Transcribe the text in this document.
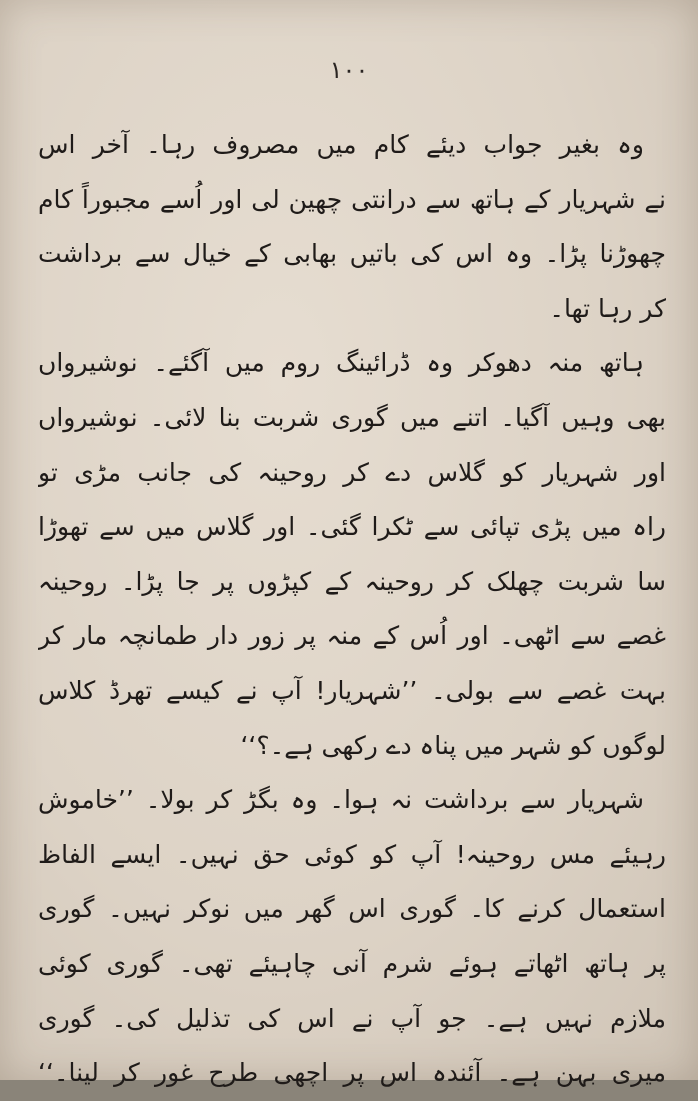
۱۰۰
وہ بغیر جواب دیئے کام میں مصروف رہا۔ آخر اس
نے شہریار کے ہاتھ سے درانتی چھین لی اور اُسے مجبوراً کام
چھوڑنا پڑا۔ وہ اس کی باتیں بھابی کے خیال سے برداشت
کر رہا تھا۔
ہاتھ منہ دھوکر وہ ڈرائینگ روم میں آگئے۔ نوشیرواں
بھی وہیں آگیا۔ اتنے میں گوری شربت بنا لائی۔ نوشیرواں
اور شہریار کو گلاس دے کر روحینہ کی جانب مڑی تو
راہ میں پڑی تپائی سے ٹکرا گئی۔ اور گلاس میں سے تھوڑا
سا شربت چھلک کر روحینہ کے کپڑوں پر جا پڑا۔ روحینہ
غصے سے اٹھی۔ اور اُس کے منہ پر زور دار طمانچہ مار کر
بہت غصے سے بولی۔ ’’شہریار! آپ نے کیسے تھرڈ کلاس
لوگوں کو شہر میں پناہ دے رکھی ہے۔؟‘‘
شہریار سے برداشت نہ ہوا۔ وہ بگڑ کر بولا۔ ’’خاموش
رہیئے مس روحینہ! آپ کو کوئی حق نہیں۔ ایسے الفاظ
استعمال کرنے کا۔ گوری اس گھر میں نوکر نہیں۔ گوری
پر ہاتھ اٹھاتے ہوئے شرم آنی چاہیئے تھی۔ گوری کوئی
ملازم نہیں ہے۔ جو آپ نے اس کی تذلیل کی۔ گوری
میری بہن ہے۔ آئندہ اس پر اچھی طرح غور کر لینا۔‘‘
